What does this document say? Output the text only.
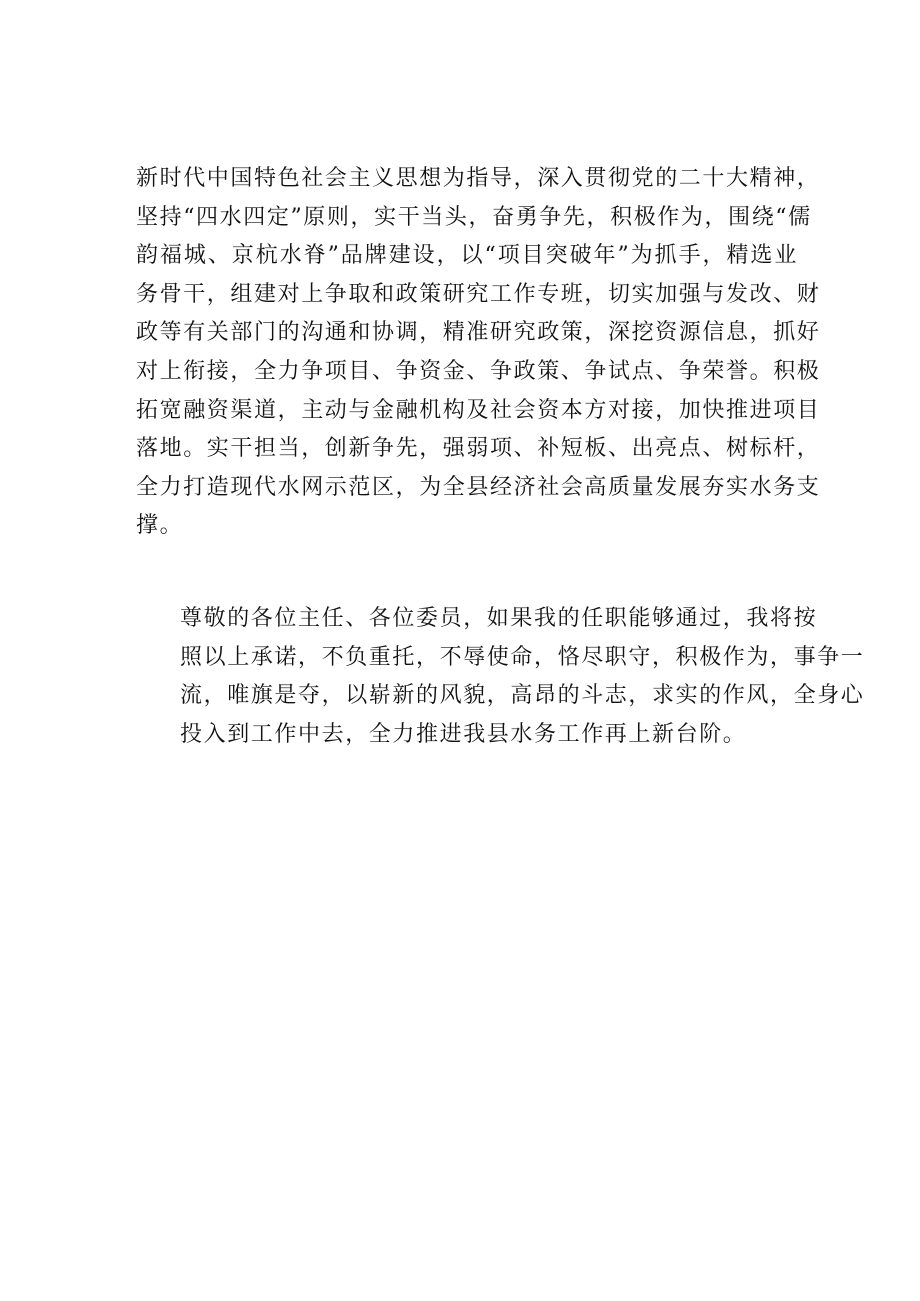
新时代中国特色社会主义思想为指导，深入贯彻党的二十大精神，
坚持“四水四定”原则，实干当头，奋勇争先，积极作为，围绕“儒
韵福城、京杭水脊”品牌建设，以“项目突破年”为抓手，精选业
务骨干，组建对上争取和政策研究工作专班，切实加强与发改、财
政等有关部门的沟通和协调，精准研究政策，深挖资源信息，抓好
对上衔接，全力争项目、争资金、争政策、争试点、争荣誉。积极
拓宽融资渠道，主动与金融机构及社会资本方对接，加快推进项目
落地。实干担当，创新争先，强弱项、补短板、出亮点、树标杆，
全力打造现代水网示范区，为全县经济社会高质量发展夯实水务支
撑。
尊敬的各位主任、各位委员，如果我的任职能够通过，我将按
照以上承诺，不负重托，不辱使命，恪尽职守，积极作为，事争一
流，唯旗是夺，以崭新的风貌，高昂的斗志，求实的作风，全身心
投入到工作中去，全力推进我县水务工作再上新台阶。
